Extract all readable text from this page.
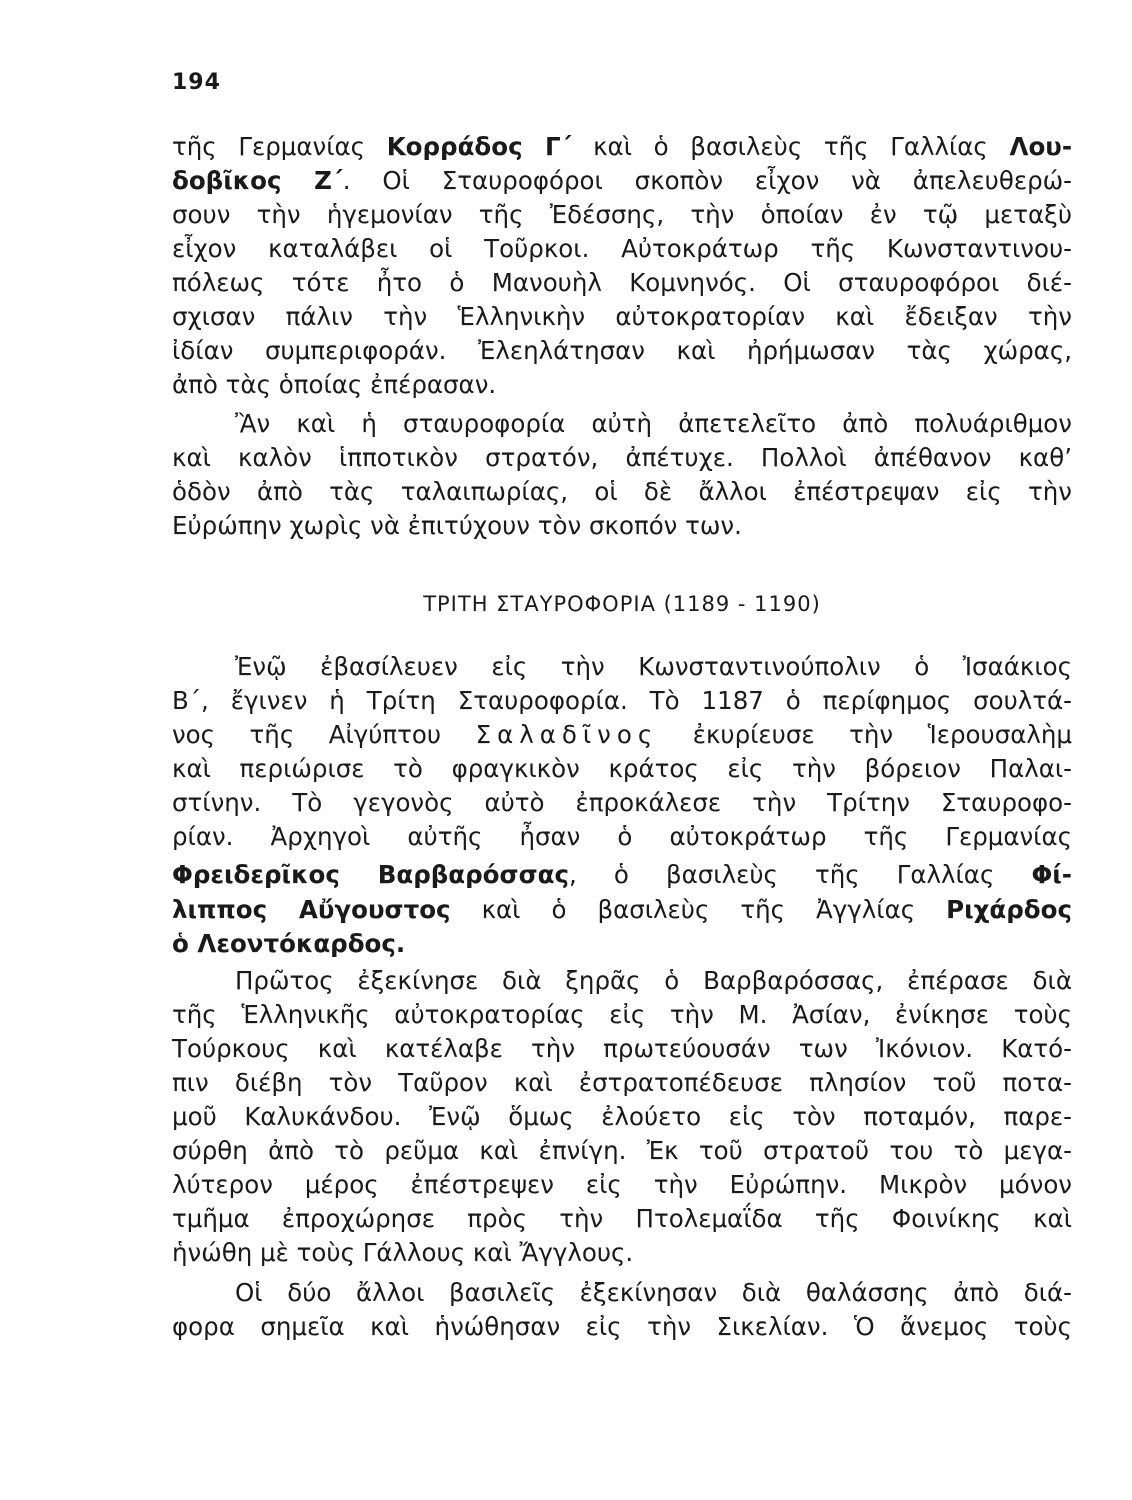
194
τῆς Γερμανίας Κορράδος Γ΄ καὶ ὁ βασιλεὺς τῆς Γαλλίας Λου-
δοβῖκος Ζ΄. Οἱ Σταυροφόροι σκοπὸν εἶχον νὰ ἀπελευθερώ-
σουν τὴν ἡγεμονίαν τῆς Ἐδέσσης, τὴν ὁποίαν ἐν τῷ μεταξὺ
εἶχον καταλάβει οἱ Τοῦρκοι. Αὐτοκράτωρ τῆς Κωνσταντινου-
πόλεως τότε ἦτο ὁ Μανουὴλ Κομνηνός. Οἱ σταυροφόροι διέ-
σχισαν πάλιν τὴν Ἑλληνικὴν αὐτοκρατορίαν καὶ ἔδειξαν τὴν
ἰδίαν συμπεριφοράν. Ἐλεηλάτησαν καὶ ἠρήμωσαν τὰς χώρας,
ἀπὸ τὰς ὁποίας ἐπέρασαν.
Ἂν καὶ ἡ σταυροφορία αὐτὴ ἀπετελεῖτο ἀπὸ πολυάριθμον
καὶ καλὸν ἱπποτικὸν στρατόν, ἀπέτυχε. Πολλοὶ ἀπέθανον καθ’
ὁδὸν ἀπὸ τὰς ταλαιπωρίας, οἱ δὲ ἄλλοι ἐπέστρεψαν εἰς τὴν
Εὐρώπην χωρὶς νὰ ἐπιτύχουν τὸν σκοπόν των.
ΤΡΙΤΗ ΣΤΑΥΡΟΦΟΡΙΑ (1189 - 1190)
Ἐνῷ ἐβασίλευεν εἰς τὴν Κωνσταντινούπολιν ὁ Ἰσαάκιος
Β΄, ἔγινεν ἡ Τρίτη Σταυροφορία. Τὸ 1187 ὁ περίφημος σουλτά-
νος τῆς Αἰγύπτου Σαλαδῖνος ἐκυρίευσε τὴν Ἱερουσαλὴμ
καὶ περιώρισε τὸ φραγκικὸν κράτος εἰς τὴν βόρειον Παλαι-
στίνην. Τὸ γεγονὸς αὐτὸ ἐπροκάλεσε τὴν Τρίτην Σταυροφο-
ρίαν. Ἀρχηγοὶ αὐτῆς ἦσαν ὁ αὐτοκράτωρ τῆς Γερμανίας
Φρειδερῖκος Βαρβαρόσσας, ὁ βασιλεὺς τῆς Γαλλίας Φί-
λιππος Αὔγουστος καὶ ὁ βασιλεὺς τῆς Ἀγγλίας Ριχάρδος
ὁ Λεοντόκαρδος.
Πρῶτος ἐξεκίνησε διὰ ξηρᾶς ὁ Βαρβαρόσσας, ἐπέρασε διὰ
τῆς Ἑλληνικῆς αὐτοκρατορίας εἰς τὴν Μ. Ἀσίαν, ἐνίκησε τοὺς
Τούρκους καὶ κατέλαβε τὴν πρωτεύουσάν των Ἰκόνιον. Κατό-
πιν διέβη τὸν Ταῦρον καὶ ἐστρατοπέδευσε πλησίον τοῦ ποτα-
μοῦ Καλυκάνδου. Ἐνῷ ὅμως ἐλούετο εἰς τὸν ποταμόν, παρε-
σύρθη ἀπὸ τὸ ρεῦμα καὶ ἐπνίγη. Ἐκ τοῦ στρατοῦ του τὸ μεγα-
λύτερον μέρος ἐπέστρεψεν εἰς τὴν Εὐρώπην. Μικρὸν μόνον
τμῆμα ἐπροχώρησε πρὸς τὴν Πτολεμαΐδα τῆς Φοινίκης καὶ
ἡνώθη μὲ τοὺς Γάλλους καὶ Ἄγγλους.
Οἱ δύο ἄλλοι βασιλεῖς ἐξεκίνησαν διὰ θαλάσσης ἀπὸ διά-
φορα σημεῖα καὶ ἡνώθησαν εἰς τὴν Σικελίαν. Ὁ ἄνεμος τοὺς
